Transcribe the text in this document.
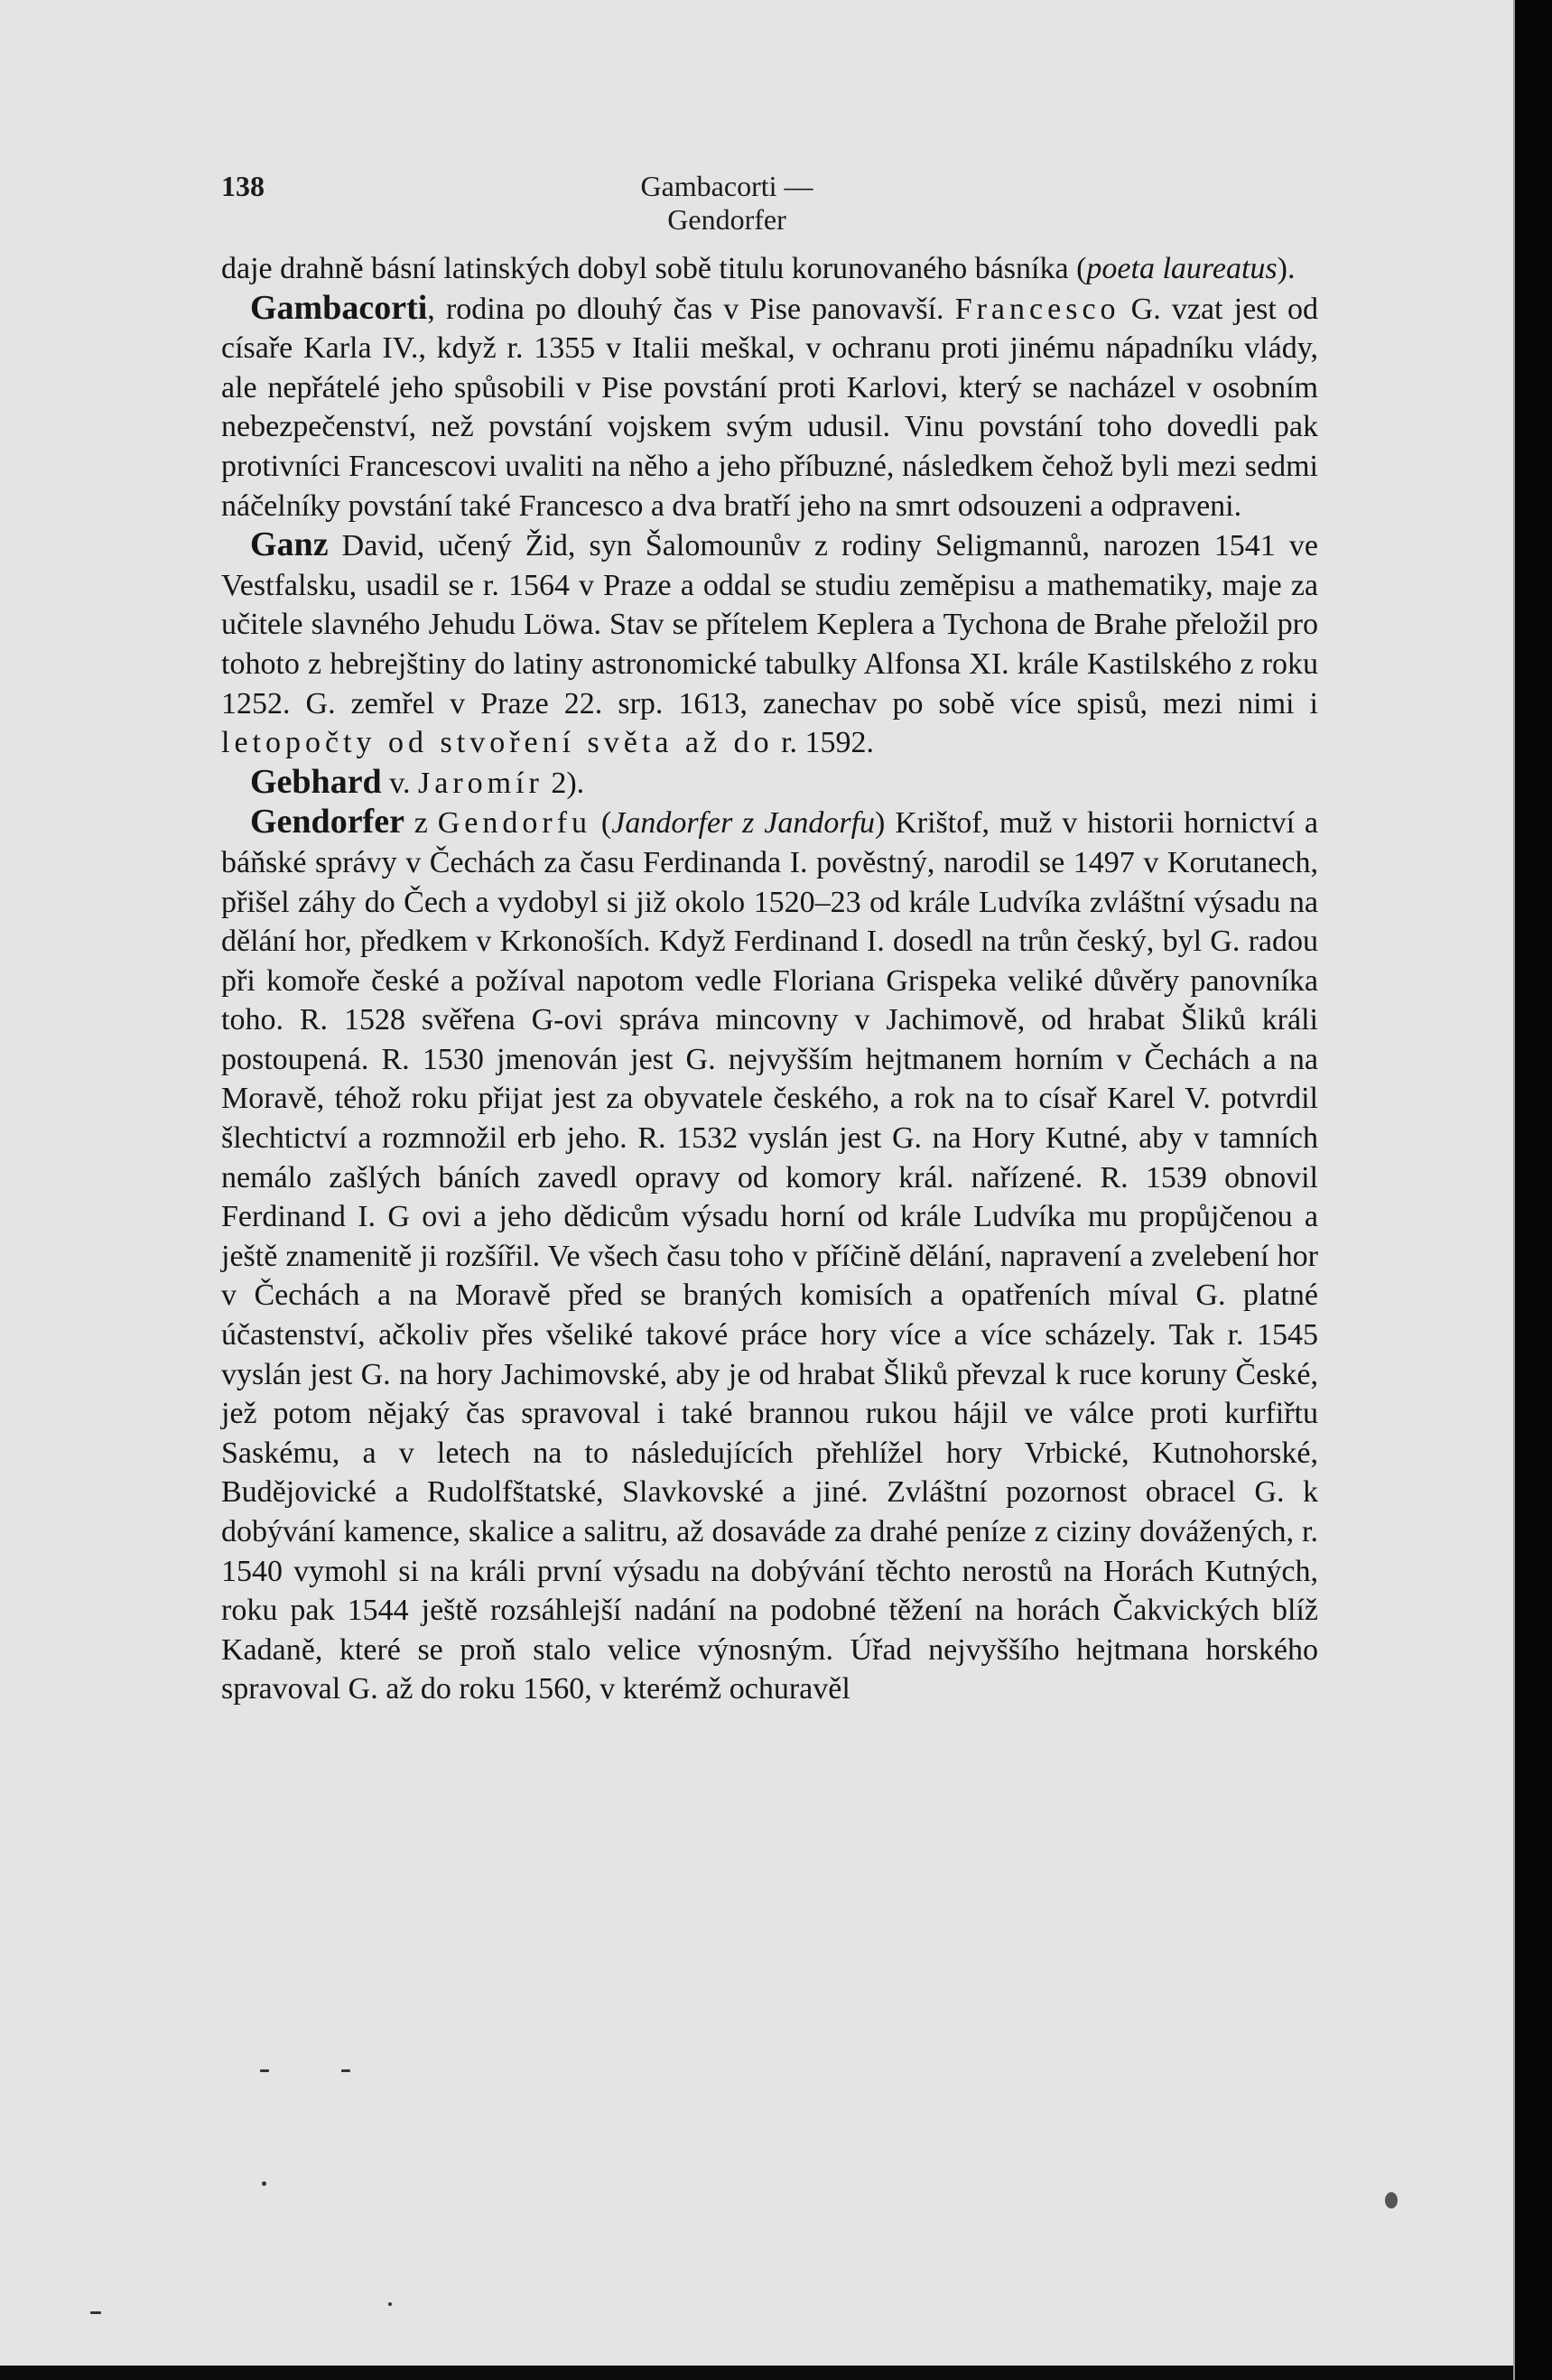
138	Gambacorti — Gendorfer

daje drahně básní latinských dobyl sobě titulu korunovaného básníka (poeta laureatus).

Gambacorti, rodina po dlouhý čas v Pise panovavší. Francesco G. vzat jest od císaře Karla IV., když r. 1355 v Italii meškal, v ochranu proti jinému nápadníku vlády, ale nepřátelé jeho spůsobili v Pise povstání proti Karlovi, který se nacházel v osobním nebezpečenství, než povstání vojskem svým udusil. Vinu povstání toho dovedli pak protivníci Francescovi uvaliti na něho a jeho příbuzné, následkem čehož byli mezi sedmi náčelníky povstání také Francesco a dva bratří jeho na smrt odsouzeni a odpraveni.

Ganz David, učený Žid, syn Šalomounův z rodiny Seligmannů, narozen 1541 ve Vestfalsku, usadil se r. 1564 v Praze a oddal se studiu zeměpisu a mathematiky, maje za učitele slavného Jehudu Löwa. Stav se přítelem Keplera a Tychona de Brahe přeložil pro tohoto z hebrejštiny do latiny astronomické tabulky Alfonsa XI. krále Kastilského z roku 1252. G. zemřel v Praze 22. srp. 1613, zanechav po sobě více spisů, mezi nimi i letopočty od stvoření světa až do r. 1592.

Gebhard v. Jaromír 2).

Gendorfer z Gendorfu (Jandorfer z Jandorfu) Krištof, muž v historii hornictví a báňské správy v Čechách za času Ferdinanda I. pověstný, narodil se 1497 v Korutanech, přišel záhy do Čech a vydobyl si již okolo 1520–23 od krále Ludvíka zvláštní výsadu na dělání hor, předkem v Krkonoších. Když Ferdinand I. dosedl na trůn český, byl G. radou při komoře české a požíval napotom vedle Floriana Grispeka veliké důvěry panovníka toho. R. 1528 svěřena G-ovi správa mincovny v Jachimově, od hrabat Šliků králi postoupená. R. 1530 jmenován jest G. nejvyšším hejtmanem horním v Čechách a na Moravě, téhož roku přijat jest za obyvatele českého, a rok na to císař Karel V. potvrdil šlechtictví a rozmnožil erb jeho. R. 1532 vyslán jest G. na Hory Kutné, aby v tamních nemálo zašlých báních zavedl opravy od komory král. nařízené. R. 1539 obnovil Ferdinand I. G ovi a jeho dědicům výsadu horní od krále Ludvíka mu propůjčenou a ještě znamenitě ji rozšířil. Ve všech času toho v příčině dělání, napravení a zvelebení hor v Čechách a na Moravě před se braných komisích a opatřeních míval G. platné účastenství, ačkoliv přes všeliké takové práce hory více a více scházely. Tak r. 1545 vyslán jest G. na hory Jachimovské, aby je od hrabat Šliků převzal k ruce koruny České, jež potom nějaký čas spravoval i také brannou rukou hájil ve válce proti kurfiřtu Saskému, a v letech na to následujících přehlížel hory Vrbické, Kutnohorské, Budějovické a Rudolfštatské, Slavkovské a jiné. Zvláštní pozornost obracel G. k dobývání kamence, skalice a salitru, až dosaváde za drahé peníze z ciziny dovážených, r. 1540 vymohl si na králi první výsadu na dobývání těchto nerostů na Horách Kutných, roku pak 1544 ještě rozsáhlejší nadání na podobné těžení na horách Čakvických blíž Kadaně, které se proň stalo velice výnosným. Úřad nejvyššího hejtmana horského spravoval G. až do roku 1560, v kterémž ochuravěl
